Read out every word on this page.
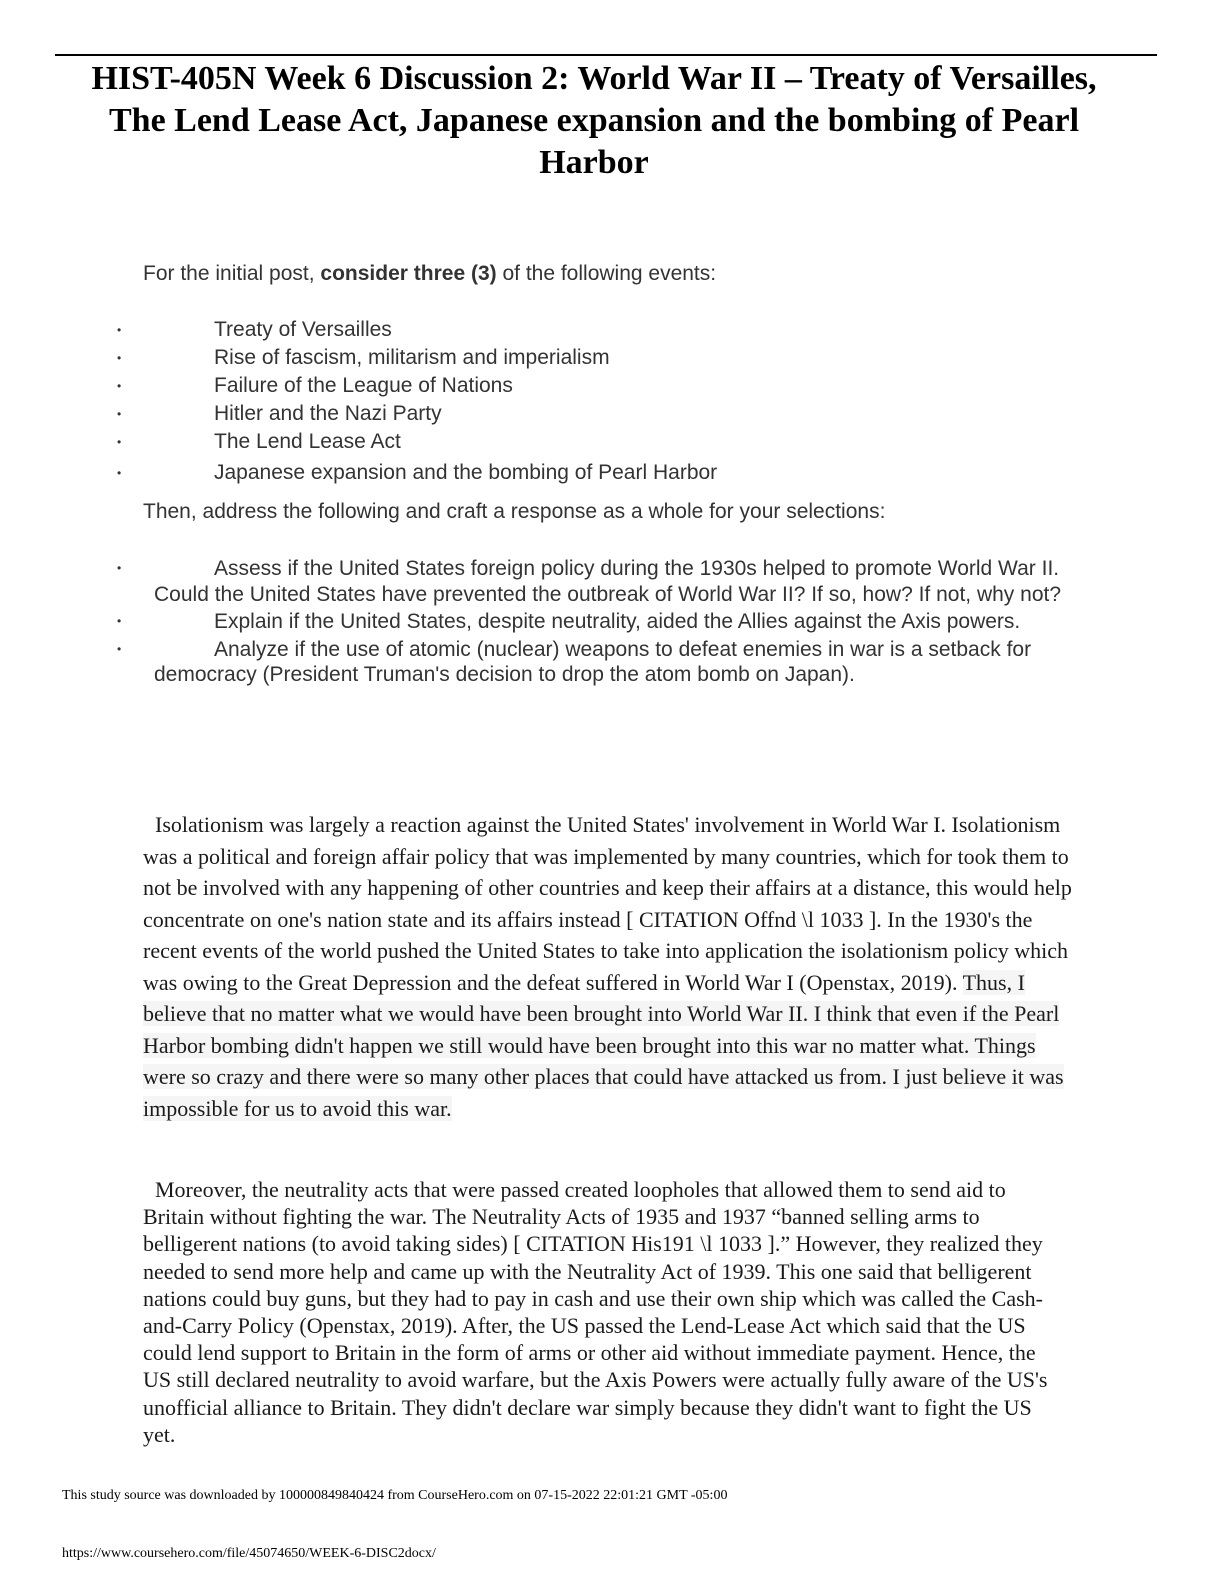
HIST-405N Week 6 Discussion 2: World War II – Treaty of Versailles, The Lend Lease Act, Japanese expansion and the bombing of Pearl Harbor
For the initial post, consider three (3) of the following events:
•	Treaty of Versailles
•	Rise of fascism, militarism and imperialism
•	Failure of the League of Nations
•	Hitler and the Nazi Party
•	The Lend Lease Act
•	Japanese expansion and the bombing of Pearl Harbor
Then, address the following and craft a response as a whole for your selections:
•	Assess if the United States foreign policy during the 1930s helped to promote World War II. Could the United States have prevented the outbreak of World War II? If so, how? If not, why not?
•	Explain if the United States, despite neutrality, aided the Allies against the Axis powers.
•	Analyze if the use of atomic (nuclear) weapons to defeat enemies in war is a setback for democracy (President Truman's decision to drop the atom bomb on Japan).

Isolationism was largely a reaction against the United States' involvement in World War I. Isolationism was a political and foreign affair policy that was implemented by many countries, which for took them to not be involved with any happening of other countries and keep their affairs at a distance, this would help concentrate on one's nation state and its affairs instead [ CITATION Offnd \l 1033 ]. In the 1930's the recent events of the world pushed the United States to take into application the isolationism policy which was owing to the Great Depression and the defeat suffered in World War I (Openstax, 2019). Thus, I believe that no matter what we would have been brought into World War II. I think that even if the Pearl Harbor bombing didn't happen we still would have been brought into this war no matter what. Things were so crazy and there were so many other places that could have attacked us from. I just believe it was impossible for us to avoid this war.

Moreover, the neutrality acts that were passed created loopholes that allowed them to send aid to Britain without fighting the war. The Neutrality Acts of 1935 and 1937 “banned selling arms to belligerent nations (to avoid taking sides) [ CITATION His191 \l 1033 ].” However, they realized they needed to send more help and came up with the Neutrality Act of 1939. This one said that belligerent nations could buy guns, but they had to pay in cash and use their own ship which was called the Cash-and-Carry Policy (Openstax, 2019). After, the US passed the Lend-Lease Act which said that the US could lend support to Britain in the form of arms or other aid without immediate payment. Hence, the US still declared neutrality to avoid warfare, but the Axis Powers were actually fully aware of the US's unofficial alliance to Britain. They didn't declare war simply because they didn't want to fight the US yet.

This study source was downloaded by 100000849840424 from CourseHero.com on 07-15-2022 22:01:21 GMT -05:00
https://www.coursehero.com/file/45074650/WEEK-6-DISC2docx/
